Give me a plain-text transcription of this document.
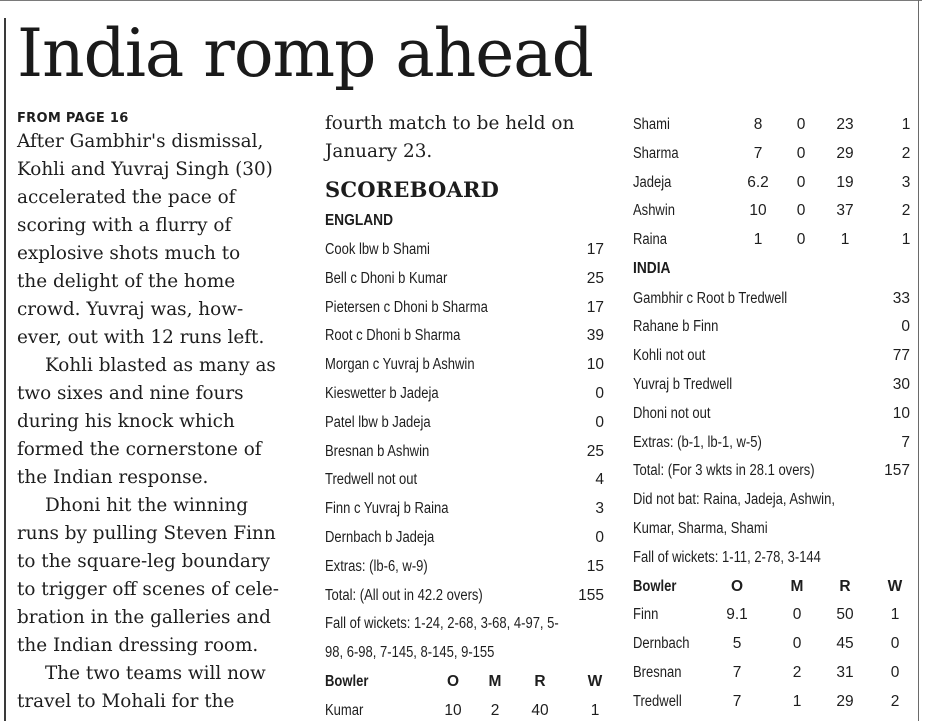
India romp ahead
FROM PAGE 16
After Gambhir's dismissal,
Kohli and Yuvraj Singh (30)
accelerated the pace of
scoring with a flurry of
explosive shots much to
the delight of the home
crowd. Yuvraj was, how-
ever, out with 12 runs left.
Kohli blasted as many as
two sixes and nine fours
during his knock which
formed the cornerstone of
the Indian response.
Dhoni hit the winning
runs by pulling Steven Finn
to the square-leg boundary
to trigger off scenes of cele-
bration in the galleries and
the Indian dressing room.
The two teams will now
travel to Mohali for the
fourth match to be held on
January 23.
SCOREBOARD
ENGLAND
Cook lbw b Shami	17
Bell c Dhoni b Kumar	25
Pietersen c Dhoni b Sharma	17
Root c Dhoni b Sharma	39
Morgan c Yuvraj b Ashwin	10
Kieswetter b Jadeja	0
Patel lbw b Jadeja	0
Bresnan b Ashwin	25
Tredwell not out	4
Finn c Yuvraj b Raina	3
Dernbach b Jadeja	0
Extras: (lb-6, w-9)	15
Total: (All out in 42.2 overs)	155
Fall of wickets: 1-24, 2-68, 3-68, 4-97, 5-
98, 6-98, 7-145, 8-145, 9-155
Bowler	O	M	R	W
Kumar	10	2	40	1
Shami	8	0	23	1
Sharma	7	0	29	2
Jadeja	6.2	0	19	3
Ashwin	10	0	37	2
Raina	1	0	1	1
INDIA
Gambhir c Root b Tredwell	33
Rahane b Finn	0
Kohli not out	77
Yuvraj b Tredwell	30
Dhoni not out	10
Extras: (b-1, lb-1, w-5)	7
Total: (For 3 wkts in 28.1 overs)	157
Did not bat: Raina, Jadeja, Ashwin,
Kumar, Sharma, Shami
Fall of wickets: 1-11, 2-78, 3-144
Bowler	O	M	R	W
Finn	9.1	0	50	1
Dernbach	5	0	45	0
Bresnan	7	2	31	0
Tredwell	7	1	29	2
